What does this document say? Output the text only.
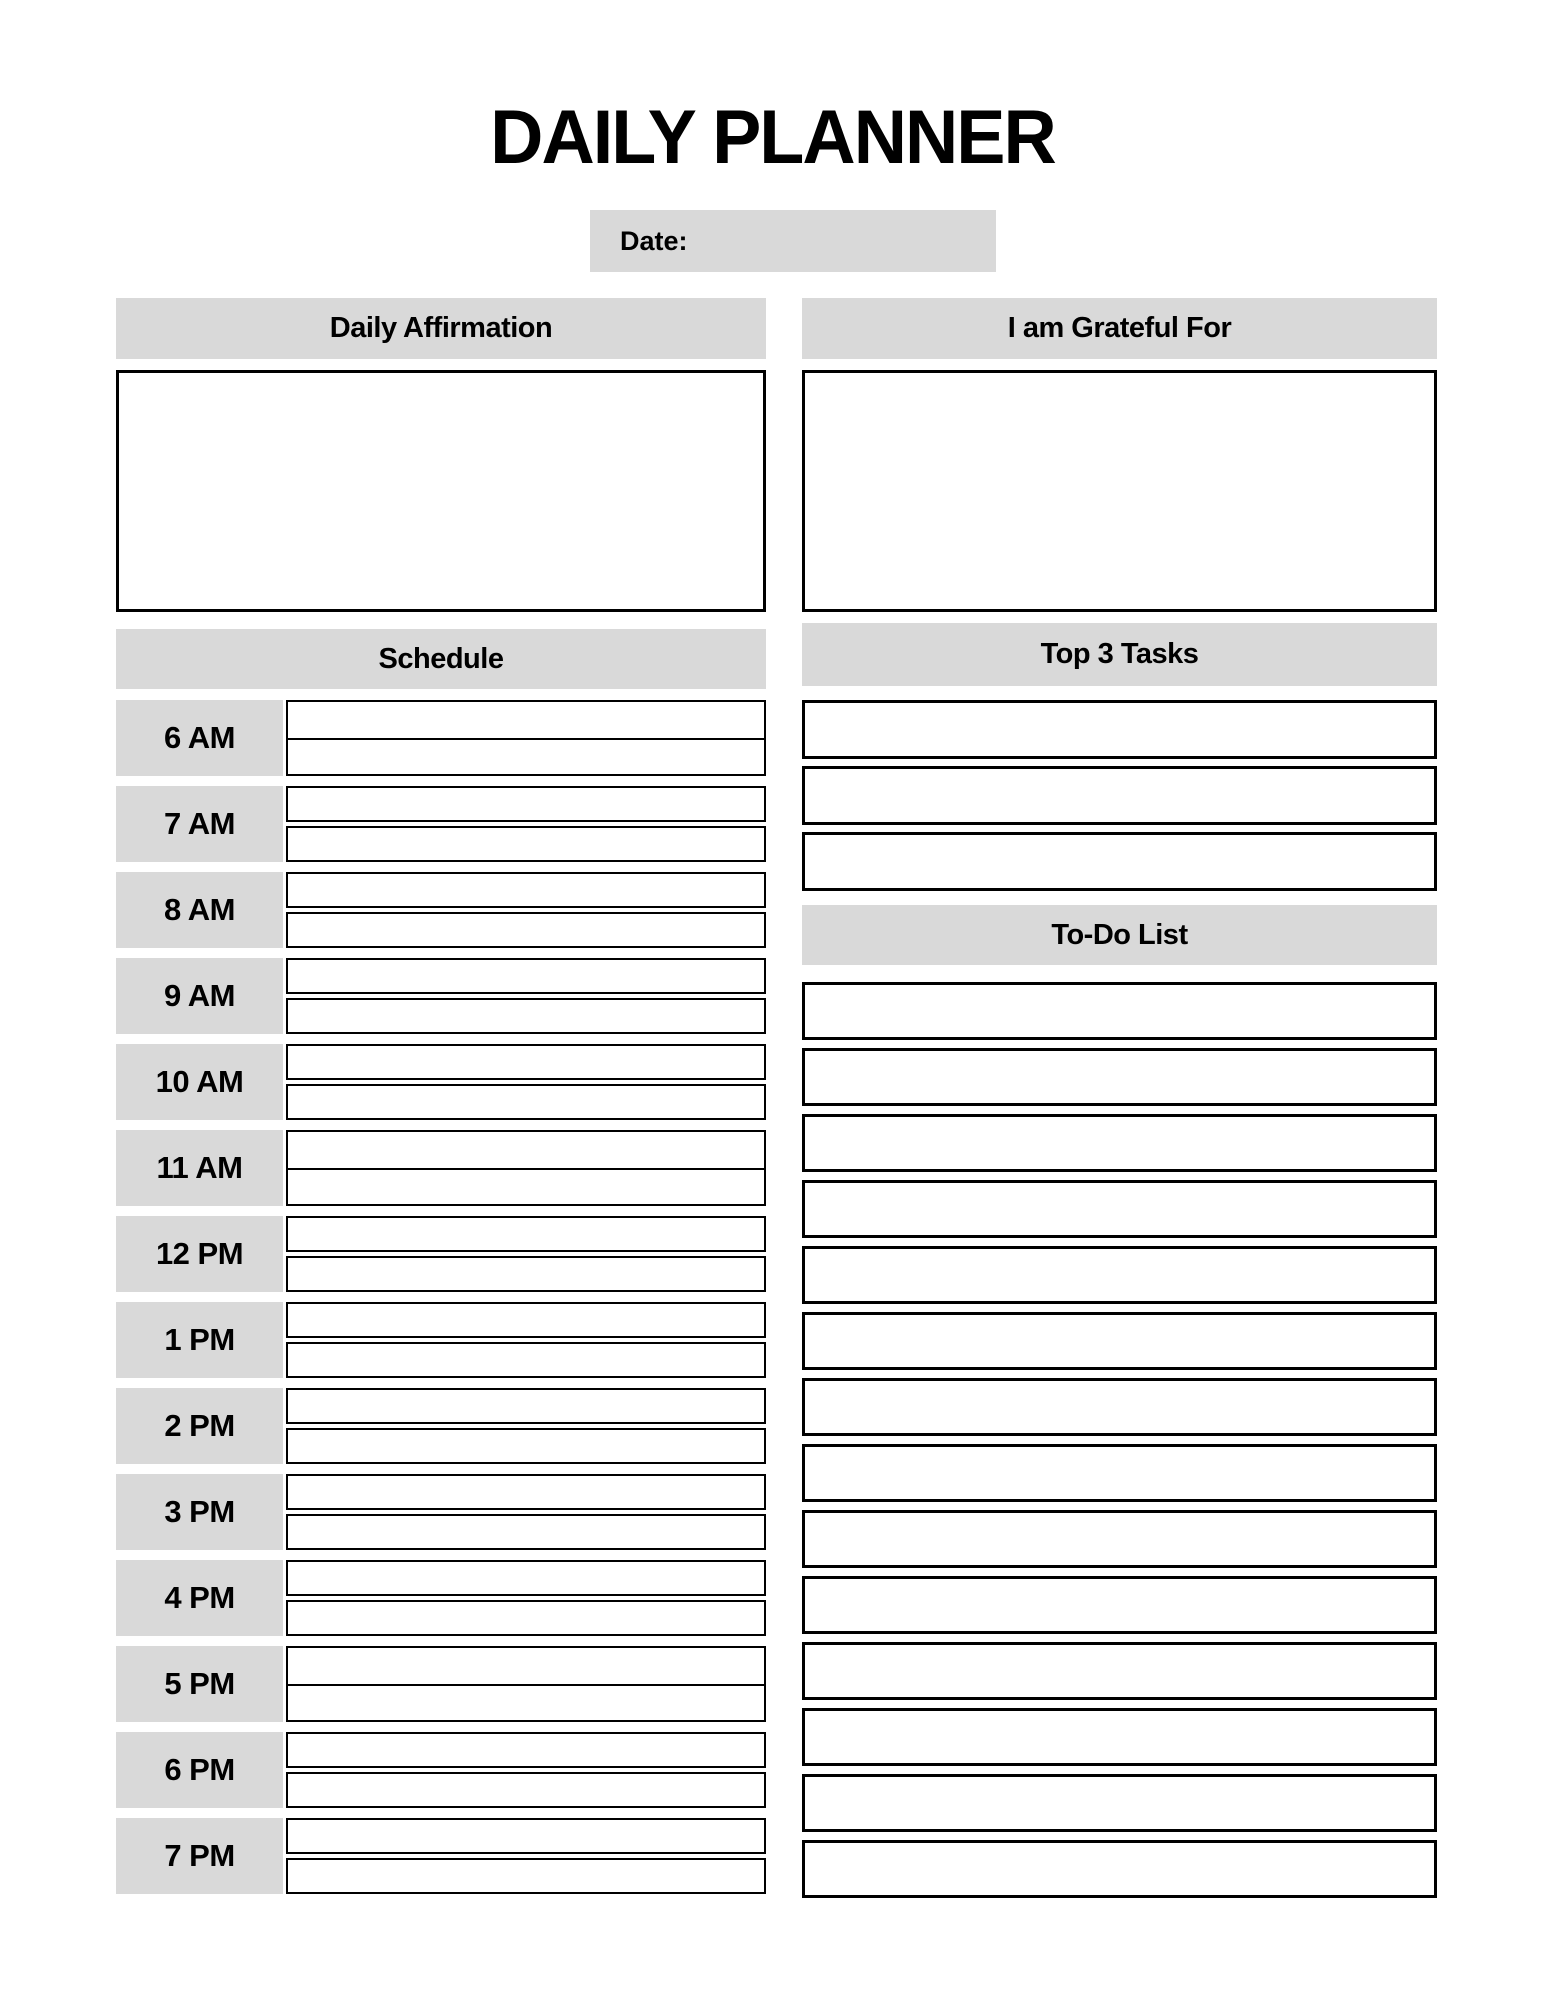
DAILY PLANNER
Date:
Daily Affirmation
Schedule
6 AM
7 AM
8 AM
9 AM
10 AM
11 AM
12 PM
1 PM
2 PM
3 PM
4 PM
5 PM
6 PM
7 PM
I am Grateful For
Top 3 Tasks
To-Do List
